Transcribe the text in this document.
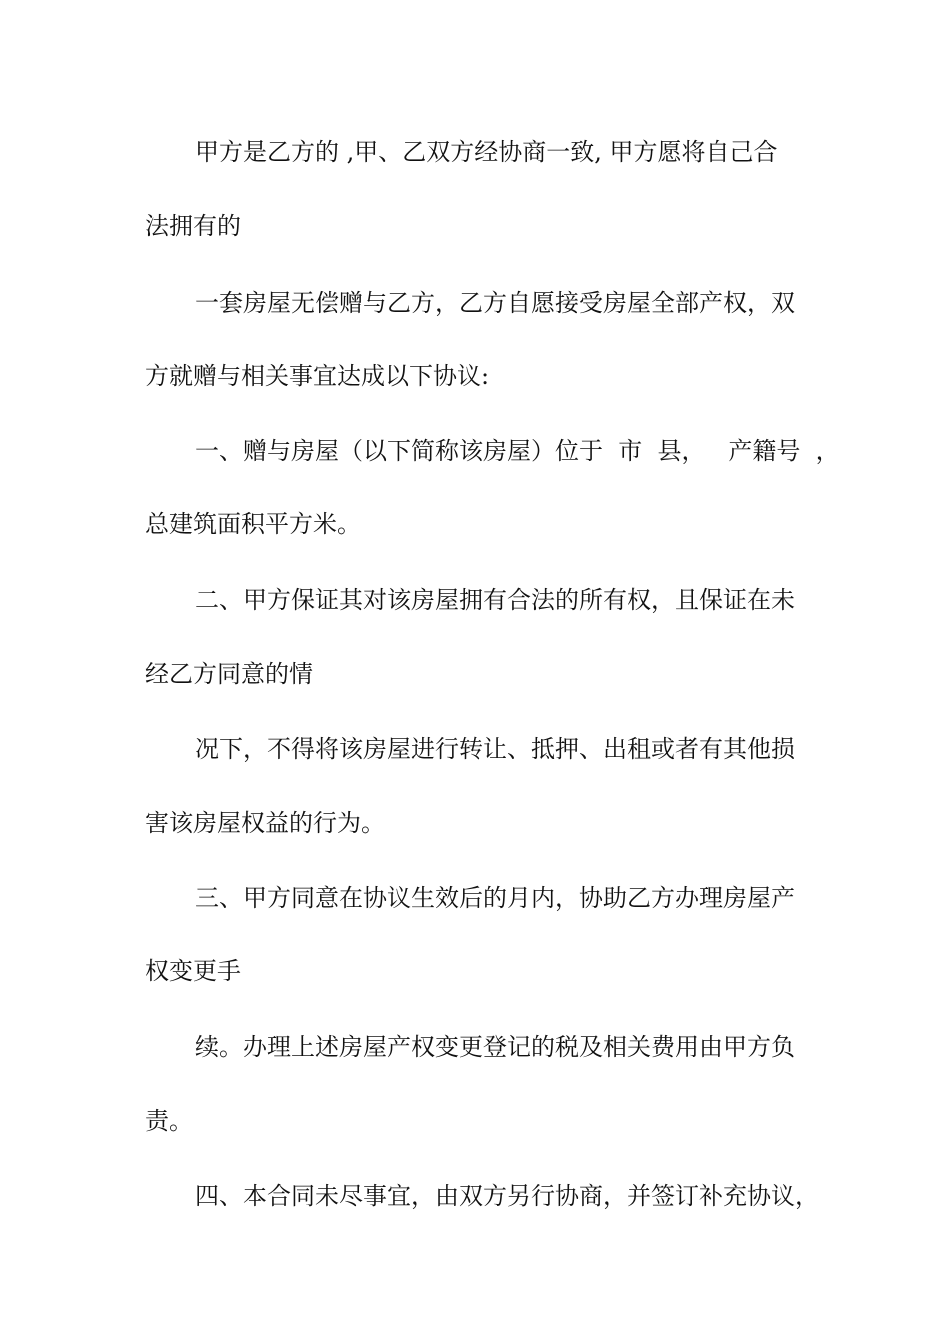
甲方是乙方的 ,甲、乙双方经协商一致, 甲方愿将自己合
法拥有的
一套房屋无偿赠与乙方，乙方自愿接受房屋全部产权，双
方就赠与相关事宜达成以下协议:
一、赠与房屋（以下简称该房屋）位于  市  县，   产籍号  ，
总建筑面积平方米。
二、甲方保证其对该房屋拥有合法的所有权，且保证在未
经乙方同意的情
况下，不得将该房屋进行转让、抵押、出租或者有其他损
害该房屋权益的行为。
三、甲方同意在协议生效后的月内，协助乙方办理房屋产
权变更手
续。办理上述房屋产权变更登记的税及相关费用由甲方负
责。
四、本合同未尽事宜，由双方另行协商，并签订补充协议，
